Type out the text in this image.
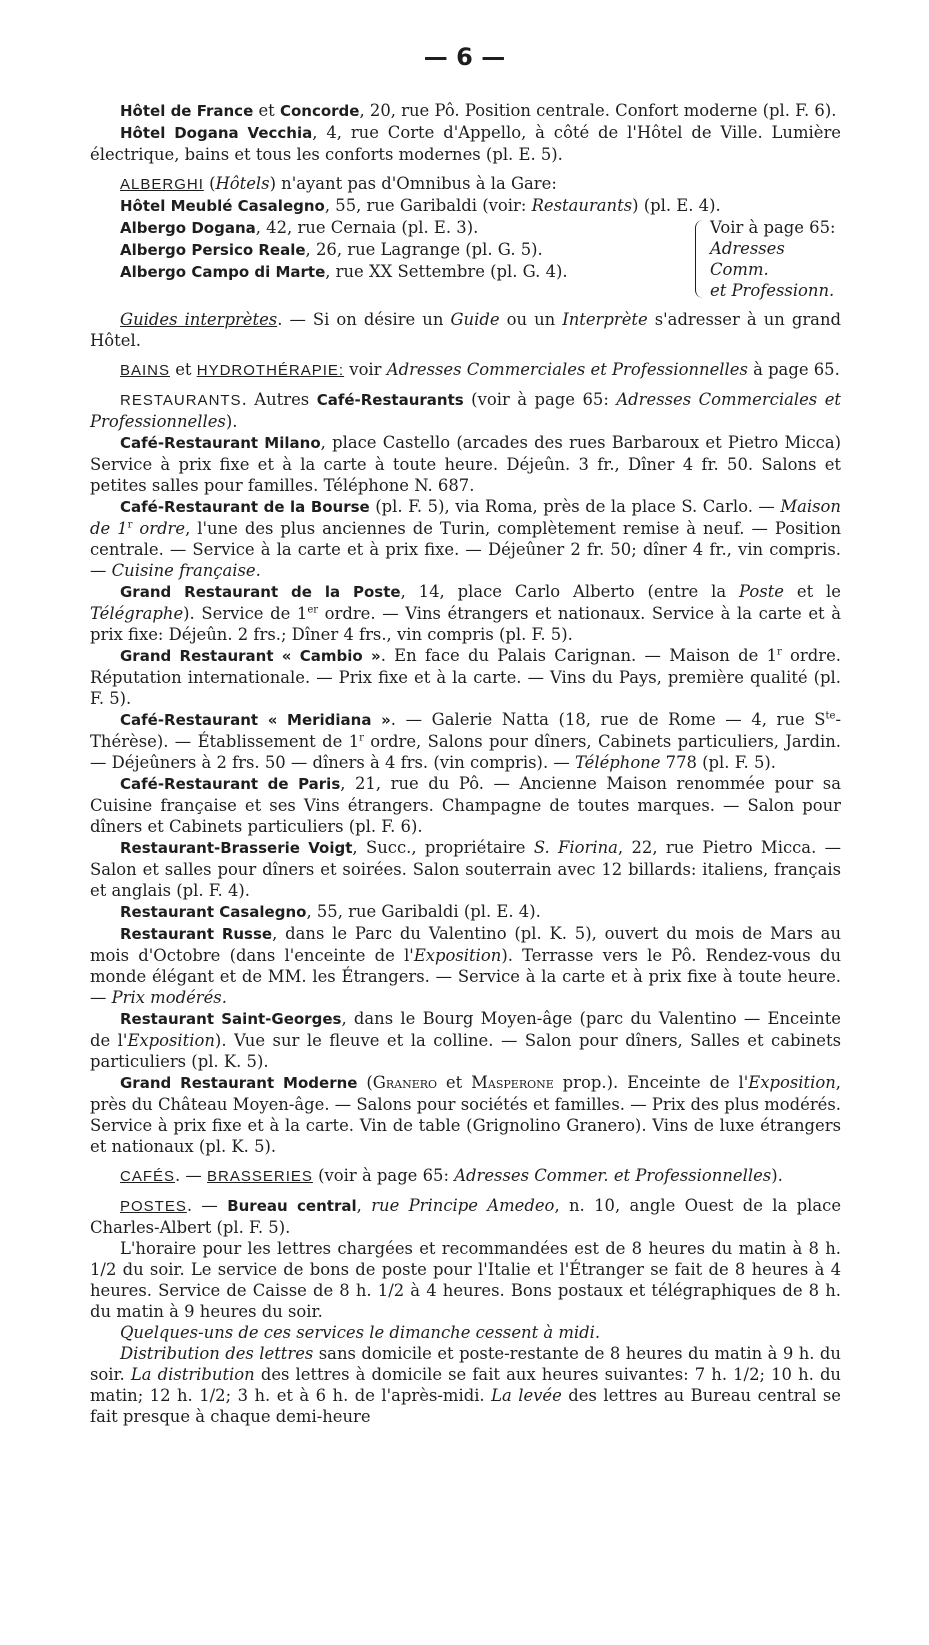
— 6 —

Hôtel de France et Concorde, 20, rue Pô. Position centrale. Confort moderne (pl. F. 6).

Hôtel Dogana Vecchia, 4, rue Corte d'Appello, à côté de l'Hôtel de Ville. Lumière électrique, bains et tous les conforts modernes (pl. E. 5).

ALBERGHI (Hôtels) n'ayant pas d'Omnibus à la Gare:

Hôtel Meublé Casalegno, 55, rue Garibaldi (voir: Restaurants) (pl. E. 4).

Albergo Dogana, 42, rue Cernaia (pl. E. 3).

Albergo Persico Reale, 26, rue Lagrange (pl. G. 5).

Albergo Campo di Marte, rue XX Settembre (pl. G. 4).

Voir à page 65:
Adresses Comm.
et Professionn.

Guides interprètes. — Si on désire un Guide ou un Interprète s'adresser à un grand Hôtel.

BAINS et HYDROTHÉRAPIE: voir Adresses Commerciales et Professionnelles à page 65.

RESTAURANTS. Autres Café-Restaurants (voir à page 65: Adresses Commerciales et Professionnelles).

Café-Restaurant Milano, place Castello (arcades des rues Barbaroux et Pietro Micca) Service à prix fixe et à la carte à toute heure. Déjeûn. 3 fr., Dîner 4 fr. 50. Salons et petites salles pour familles. Téléphone N. 687.

Café-Restaurant de la Bourse (pl. F. 5), via Roma, près de la place S. Carlo. — Maison de 1$^r$ ordre, l'une des plus anciennes de Turin, complètement remise à neuf. — Position centrale. — Service à la carte et à prix fixe. — Déjeûner 2 fr. 50; dîner 4 fr., vin compris. — Cuisine française.

Grand Restaurant de la Poste, 14, place Carlo Alberto (entre la Poste et le Télégraphe). Service de 1er ordre. — Vins étrangers et nationaux. Service à la carte et à prix fixe: Déjeûn. 2 frs.; Dîner 4 frs., vin compris (pl. F. 5).

Grand Restaurant « Cambio ». En face du Palais Carignan. — Maison de 1$^r$ ordre. Réputation internationale. — Prix fixe et à la carte. — Vins du Pays, première qualité (pl. F. 5).

Café-Restaurant « Meridiana ». — Galerie Natta (18, rue de Rome — 4, rue $S^{te}-Thérèse$). — Établissement de 1$^r$ ordre, Salons pour dîners, Cabinets particuliers, Jardin. — Déjeûners à 2 frs. 50 — dîners à 4 frs. (vin compris). — Téléphone 778 (pl. F. 5).

Café-Restaurant de Paris, 21, rue du Pô. — Ancienne Maison renommée pour sa Cuisine française et ses Vins étrangers. Champagne de toutes marques. — Salon pour dîners et Cabinets particuliers (pl. F. 6).

Restaurant-Brasserie Voigt, Succ., propriétaire S. Fiorina, 22, rue Pietro Micca. — Salon et salles pour dîners et soirées. Salon souterrain avec 12 billards: italiens, français et anglais (pl. F. 4).

Restaurant Casalegno, 55, rue Garibaldi (pl. E. 4).

Restaurant Russe, dans le Parc du Valentino (pl. K. 5), ouvert du mois de Mars au mois d'Octobre (dans l'enceinte de l'Exposition). Terrasse vers le Pô. Rendez-vous du monde élégant et de MM. les Étrangers. — Service à la carte et à prix fixe à toute heure. — Prix modérés.

Restaurant Saint-Georges, dans le Bourg Moyen-âge (parc du Valentino — Enceinte de l'Exposition). Vue sur le fleuve et la colline. — Salon pour dîners, Salles et cabinets particuliers (pl. K. 5).

Grand Restaurant Moderne (Granero et Masperone prop.). Enceinte de l'Exposition, près du Château Moyen-âge. — Salons pour sociétés et familles. — Prix des plus modérés. Service à prix fixe et à la carte. Vin de table (Grignolino Granero). Vins de luxe étrangers et nationaux (pl. K. 5).

CAFÉS. — BRASSERIES (voir à page 65: Adresses Commer. et Professionnelles).

POSTES. — Bureau central, rue Principe Amedeo, n. 10, angle Ouest de la place Charles-Albert (pl. F. 5).

L'horaire pour les lettres chargées et recommandées est de 8 heures du matin à 8 h. 1/2 du soir. Le service de bons de poste pour l'Italie et l'Étranger se fait de 8 heures à 4 heures. Service de Caisse de 8 h. 1/2 à 4 heures. Bons postaux et télégraphiques de 8 h. du matin à 9 heures du soir.

Quelques-uns de ces services le dimanche cessent à midi.

Distribution des lettres sans domicile et poste-restante de 8 heures du matin à 9 h. du soir. La distribution des lettres à domicile se fait aux heures suivantes: 7 h. 1/2; 10 h. du matin; 12 h. 1/2; 3 h. et à 6 h. de l'après-midi. La levée des lettres au Bureau central se fait presque à chaque demi-heure
